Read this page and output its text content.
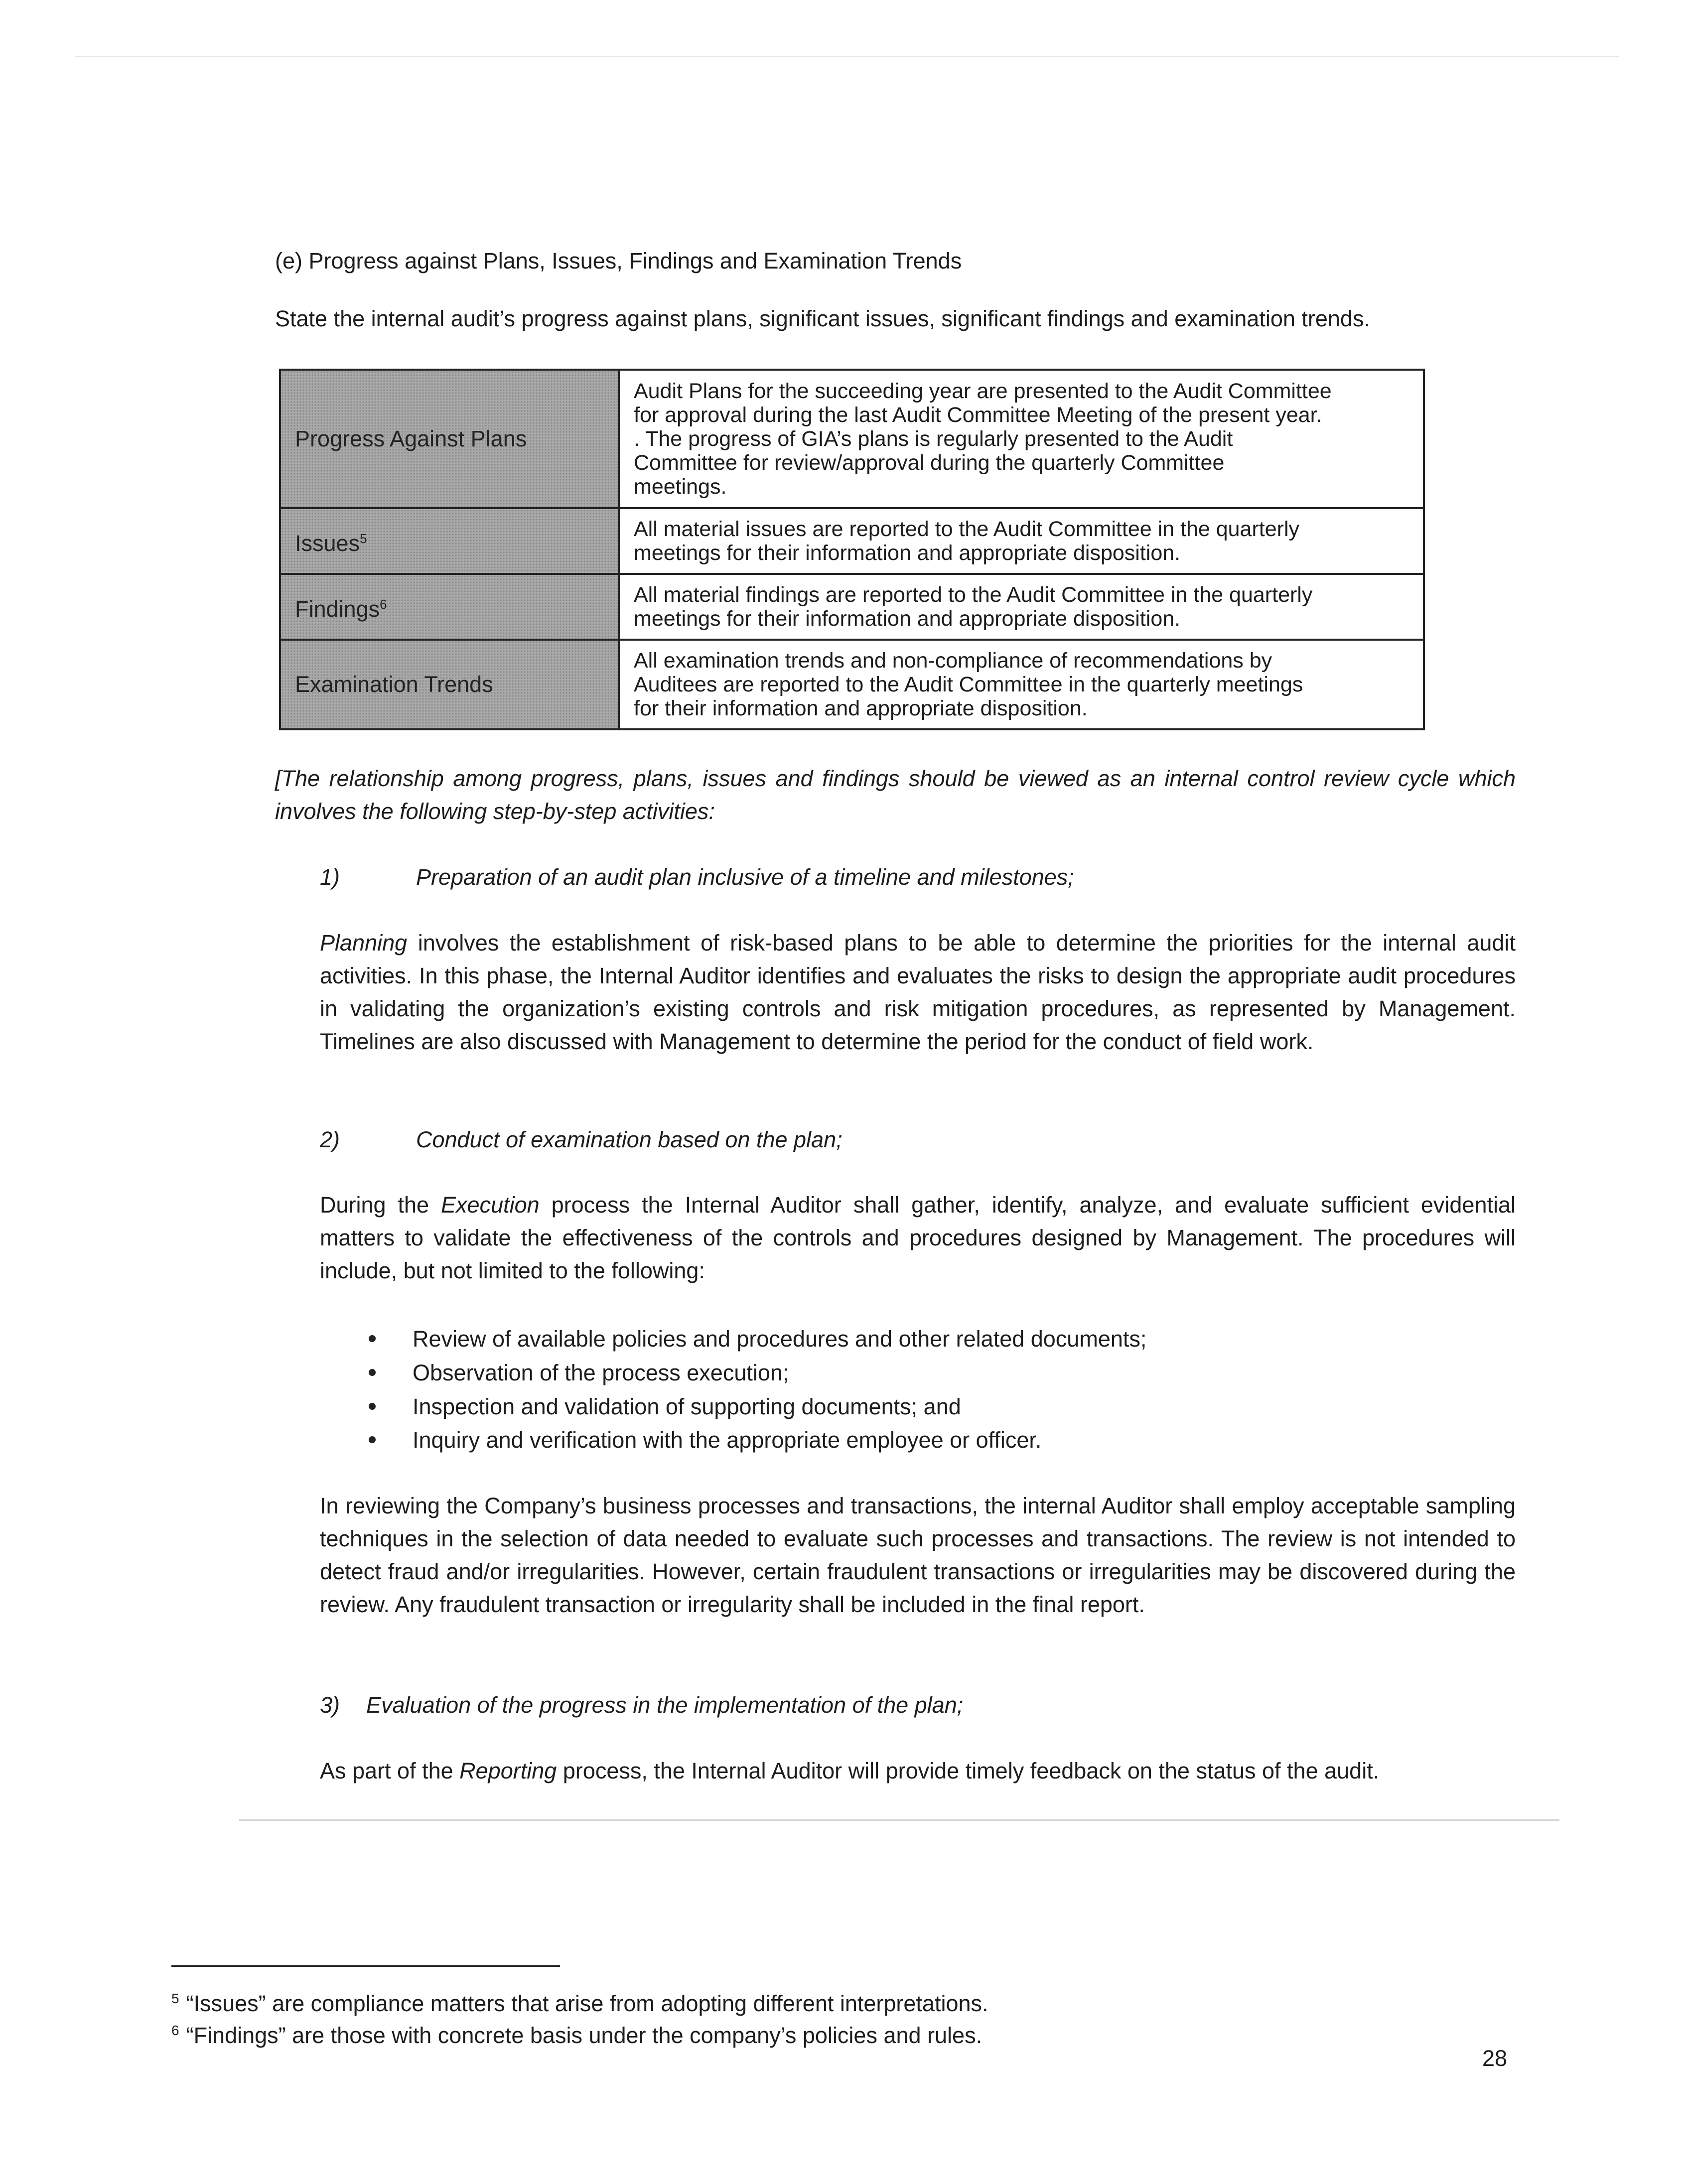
(e) Progress against Plans, Issues, Findings and Examination Trends
State the internal audit’s progress against plans, significant issues, significant findings and examination trends.
Progress Against Plans	Audit Plans for the succeeding year are presented to the Audit Committee
for approval during the last Audit Committee Meeting of the present year.
. The progress of GIA’s plans is regularly presented to the Audit
Committee for review/approval during the quarterly Committee
meetings.

Issues$^5$	All material issues are reported to the Audit Committee in the quarterly
meetings for their information and appropriate disposition.

Findings$^6$	All material findings are reported to the Audit Committee in the quarterly
meetings for their information and appropriate disposition.

Examination Trends	All examination trends and non-compliance of recommendations by
Auditees are reported to the Audit Committee in the quarterly meetings
for their information and appropriate disposition.
[The relationship among progress, plans, issues and findings should be viewed as an internal control review cycle which involves the following step-by-step activities:
1)	Preparation of an audit plan inclusive of a timeline and milestones;
Planning involves the establishment of risk-based plans to be able to determine the priorities for the internal audit activities. In this phase, the Internal Auditor identifies and evaluates the risks to design the appropriate audit procedures in validating the organization’s existing controls and risk mitigation procedures, as represented by Management. Timelines are also discussed with Management to determine the period for the conduct of field work.
2)	Conduct of examination based on the plan;
During the Execution process the Internal Auditor shall gather, identify, analyze, and evaluate sufficient evidential matters to validate the effectiveness of the controls and procedures designed by Management. The procedures will include, but not limited to the following:
Review of available policies and procedures and other related documents;
Observation of the process execution;
Inspection and validation of supporting documents; and
Inquiry and verification with the appropriate employee or officer.
In reviewing the Company’s business processes and transactions, the internal Auditor shall employ acceptable sampling techniques in the selection of data needed to evaluate such processes and transactions. The review is not intended to detect fraud and/or irregularities. However, certain fraudulent transactions or irregularities may be discovered during the review. Any fraudulent transaction or irregularity shall be included in the final report.
3) Evaluation of the progress in the implementation of the plan;
As part of the Reporting process, the Internal Auditor will provide timely feedback on the status of the audit.
$^5$ “Issues” are compliance matters that arise from adopting different interpretations.
$^6$ “Findings” are those with concrete basis under the company’s policies and rules.
28
